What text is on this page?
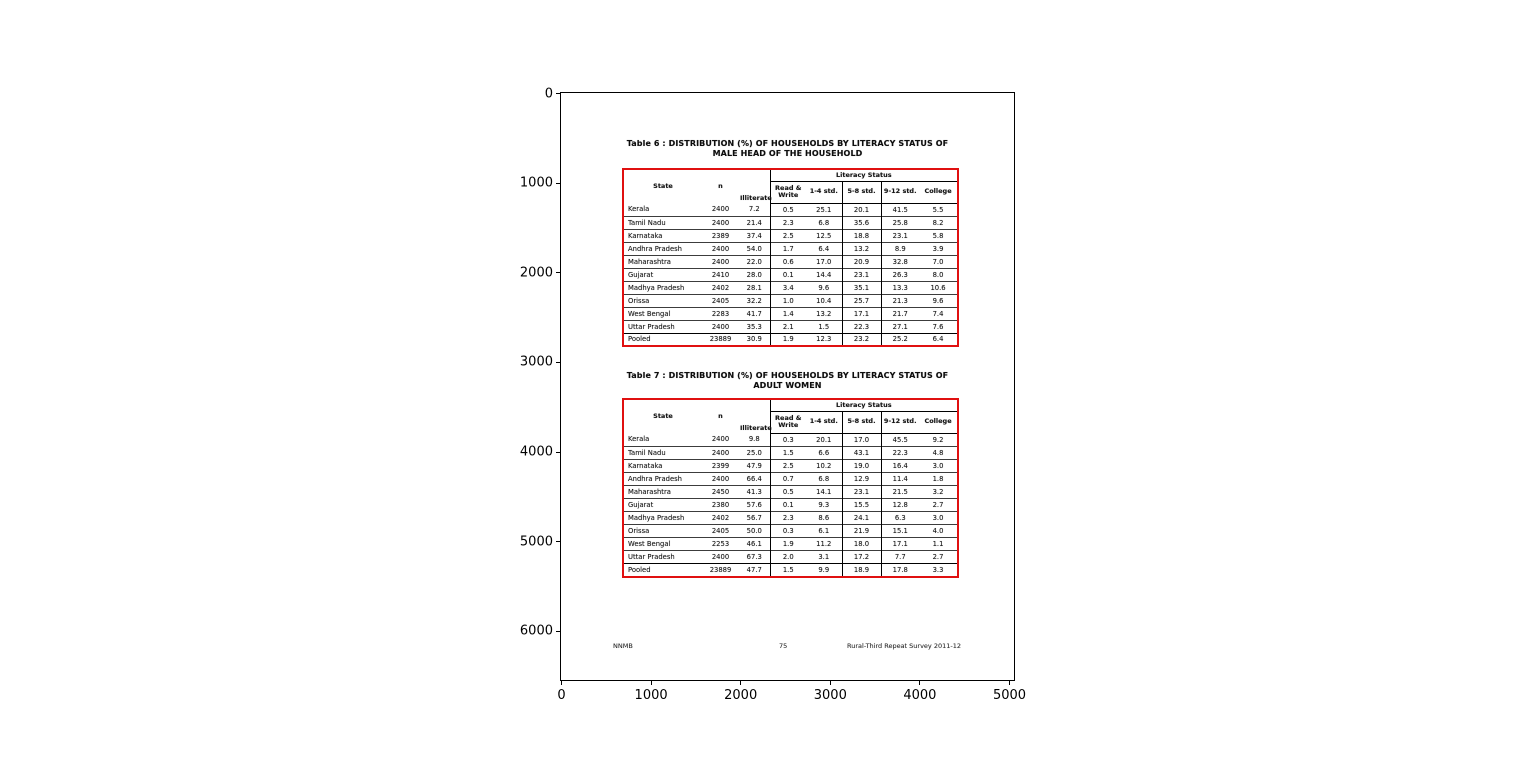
Table 6 : DISTRIBUTION (%) OF HOUSEHOLDS BY LITERACY STATUS OF
MALE HEAD OF THE HOUSEHOLD
State	n	Illiterate	Literacy Status				
			Read & Write	1-4 std.	5-8 std.	9-12 std.	College
Kerala	2400	7.2	0.5	25.1	20.1	41.5	5.5
Tamil Nadu	2400	21.4	2.3	6.8	35.6	25.8	8.2
Karnataka	2389	37.4	2.5	12.5	18.8	23.1	5.8
Andhra Pradesh	2400	54.0	1.7	6.4	13.2	8.9	3.9
Maharashtra	2400	22.0	0.6	17.0	20.9	32.8	7.0
Gujarat	2410	28.0	0.1	14.4	23.1	26.3	8.0
Madhya Pradesh	2402	28.1	3.4	9.6	35.1	13.3	10.6
Orissa	2405	32.2	1.0	10.4	25.7	21.3	9.6
West Bengal	2283	41.7	1.4	13.2	17.1	21.7	7.4
Uttar Pradesh	2400	35.3	2.1	1.5	22.3	27.1	7.6
Pooled	23889	30.9	1.9	12.3	23.2	25.2	6.4
Table 7 : DISTRIBUTION (%) OF HOUSEHOLDS BY LITERACY STATUS OF
ADULT WOMEN
State	n	Illiterate	Literacy Status				
			Read & Write	1-4 std.	5-8 std.	9-12 std.	College
Kerala	2400	9.8	0.3	20.1	17.0	45.5	9.2
Tamil Nadu	2400	25.0	1.5	6.6	43.1	22.3	4.8
Karnataka	2399	47.9	2.5	10.2	19.0	16.4	3.0
Andhra Pradesh	2400	66.4	0.7	6.8	12.9	11.4	1.8
Maharashtra	2450	41.3	0.5	14.1	23.1	21.5	3.2
Gujarat	2380	57.6	0.1	9.3	15.5	12.8	2.7
Madhya Pradesh	2402	56.7	2.3	8.6	24.1	6.3	3.0
Orissa	2405	50.0	0.3	6.1	21.9	15.1	4.0
West Bengal	2253	46.1	1.9	11.2	18.0	17.1	1.1
Uttar Pradesh	2400	67.3	2.0	3.1	17.2	7.7	2.7
Pooled	23889	47.7	1.5	9.9	18.9	17.8	3.3
NNMB	75	Rural-Third Repeat Survey 2011-12
0
1000
2000
3000
4000
5000
6000
0	1000	2000	3000	4000	5000
